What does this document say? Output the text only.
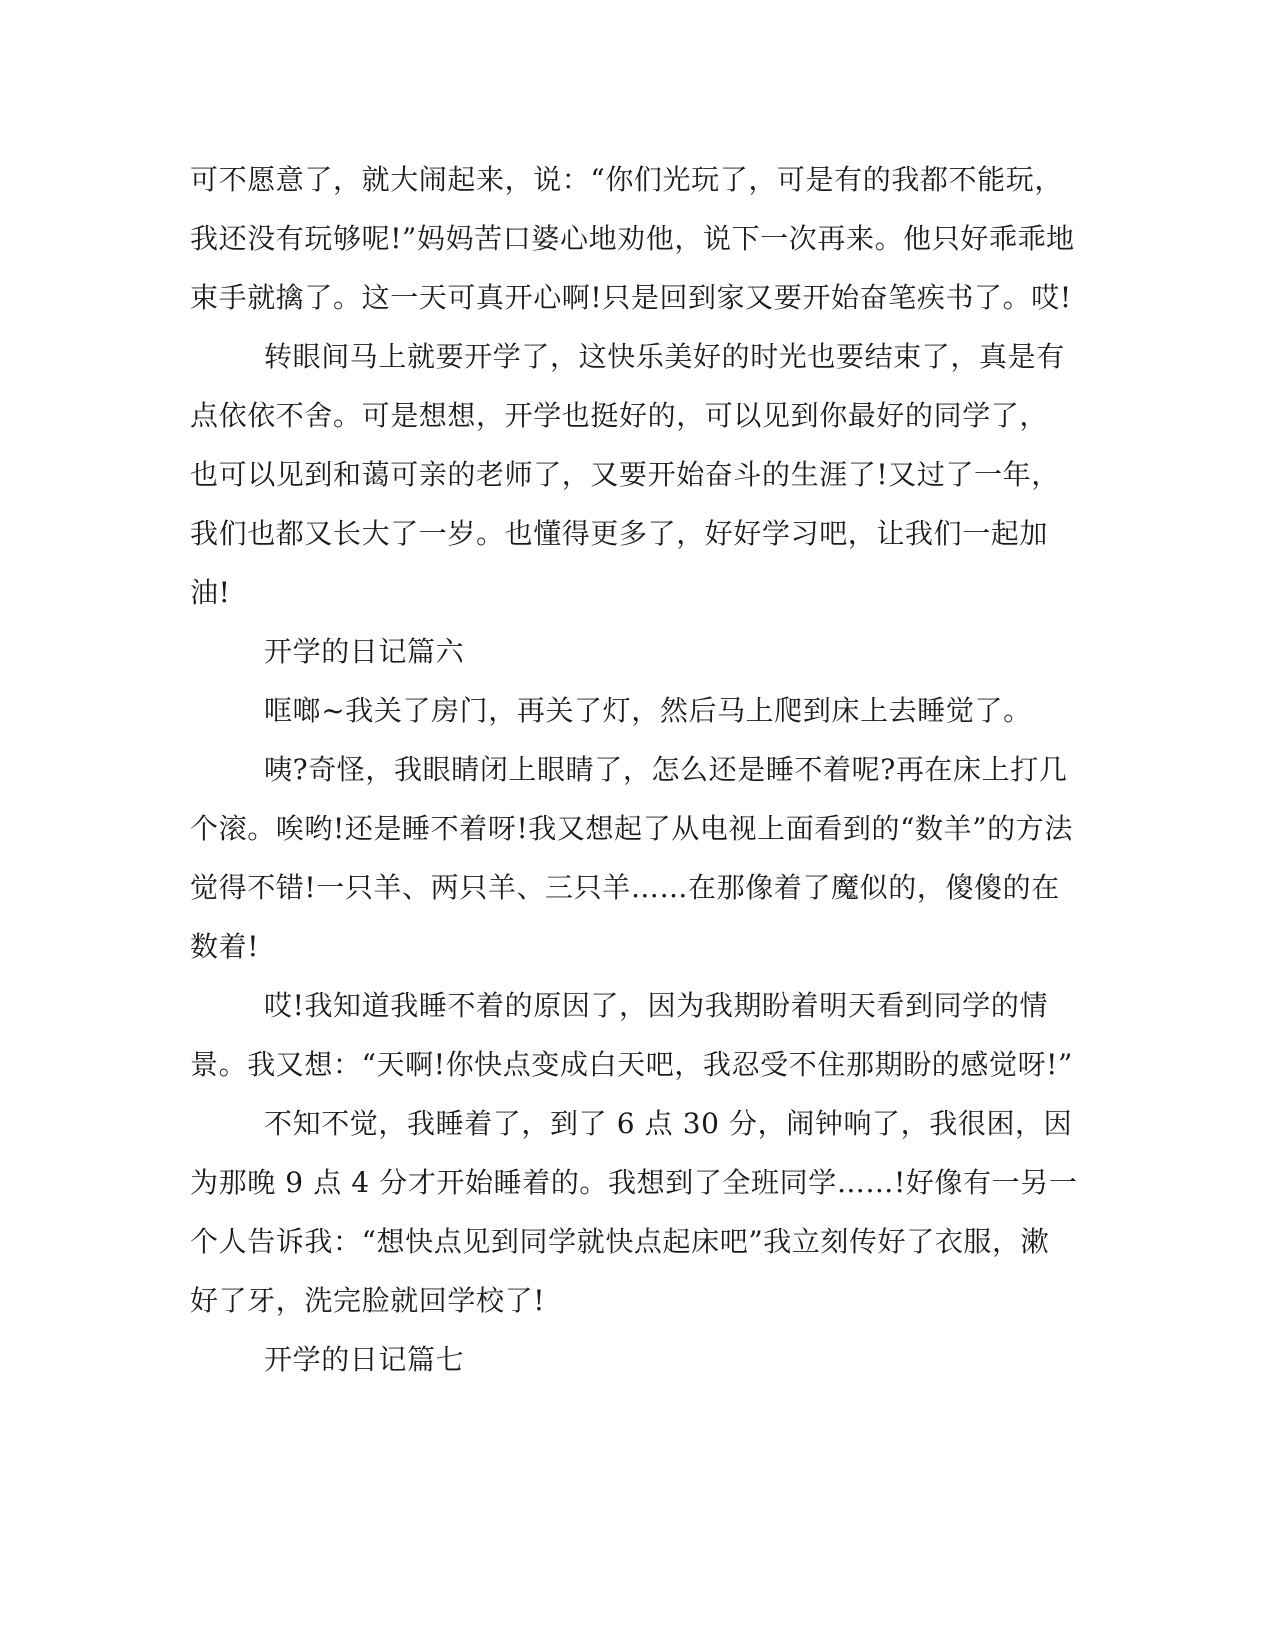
可不愿意了，就大闹起来，说：“你们光玩了，可是有的我都不能玩，
我还没有玩够呢!”妈妈苦口婆心地劝他，说下一次再来。他只好乖乖地
束手就擒了。这一天可真开心啊!只是回到家又要开始奋笔疾书了。哎!
转眼间马上就要开学了，这快乐美好的时光也要结束了，真是有
点依依不舍。可是想想，开学也挺好的，可以见到你最好的同学了，
也可以见到和蔼可亲的老师了，又要开始奋斗的生涯了!又过了一年，
我们也都又长大了一岁。也懂得更多了，好好学习吧，让我们一起加
油!
开学的日记篇六
哐啷~我关了房门，再关了灯，然后马上爬到床上去睡觉了。
咦?奇怪，我眼睛闭上眼睛了，怎么还是睡不着呢?再在床上打几
个滚。唉哟!还是睡不着呀!我又想起了从电视上面看到的“数羊”的方法
觉得不错!一只羊、两只羊、三只羊……在那像着了魔似的，傻傻的在
数着!
哎!我知道我睡不着的原因了，因为我期盼着明天看到同学的情
景。我又想：“天啊!你快点变成白天吧，我忍受不住那期盼的感觉呀!”
不知不觉，我睡着了，到了 6 点 30 分，闹钟响了，我很困，因
为那晚 9 点 4 分才开始睡着的。我想到了全班同学……!好像有一另一
个人告诉我：“想快点见到同学就快点起床吧”我立刻传好了衣服，漱
好了牙，洗完脸就回学校了!
开学的日记篇七
